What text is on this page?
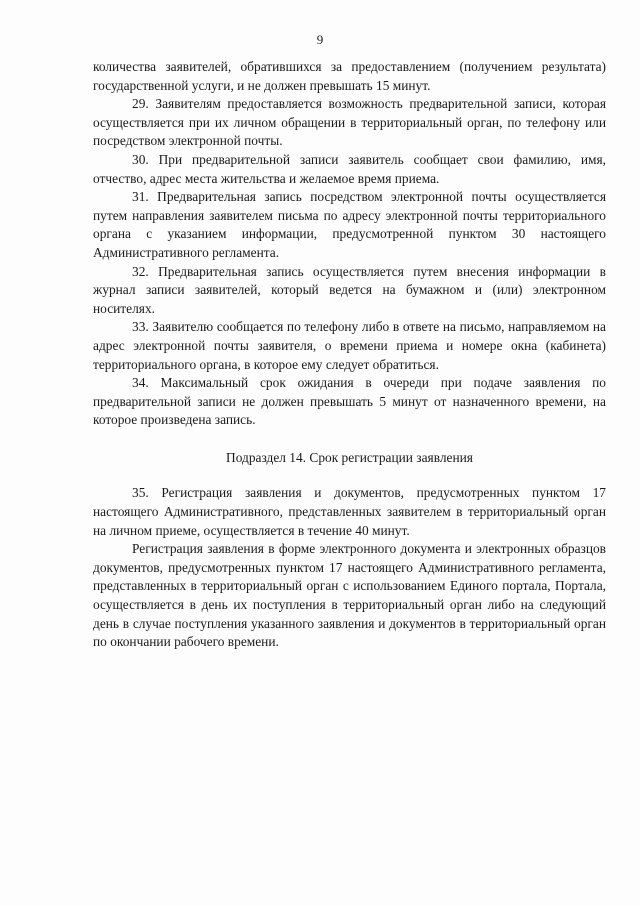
9

количества заявителей, обратившихся за предоставлением (получением результата) государственной услуги, и не должен превышать 15 минут.

29. Заявителям предоставляется возможность предварительной записи, которая осуществляется при их личном обращении в территориальный орган, по телефону или посредством электронной почты.

30. При предварительной записи заявитель сообщает свои фамилию, имя, отчество, адрес места жительства и желаемое время приема.

31. Предварительная запись посредством электронной почты осуществляется путем направления заявителем письма по адресу электронной почты территориального органа с указанием информации, предусмотренной пунктом 30 настоящего Административного регламента.

32. Предварительная запись осуществляется путем внесения информации в журнал записи заявителей, который ведется на бумажном и (или) электронном носителях.

33. Заявителю сообщается по телефону либо в ответе на письмо, направляемом на адрес электронной почты заявителя, о времени приема и номере окна (кабинета) территориального органа, в которое ему следует обратиться.

34. Максимальный срок ожидания в очереди при подаче заявления по предварительной записи не должен превышать 5 минут от назначенного времени, на которое произведена запись.

Подраздел 14. Срок регистрации заявления

35. Регистрация заявления и документов, предусмотренных пунктом 17 настоящего Административного, представленных заявителем в территориальный орган на личном приеме, осуществляется в течение 40 минут.

Регистрация заявления в форме электронного документа и электронных образцов документов, предусмотренных пунктом 17 настоящего Административного регламента, представленных в территориальный орган с использованием Единого портала, Портала, осуществляется в день их поступления в территориальный орган либо на следующий день в случае поступления указанного заявления и документов в территориальный орган по окончании рабочего времени.
